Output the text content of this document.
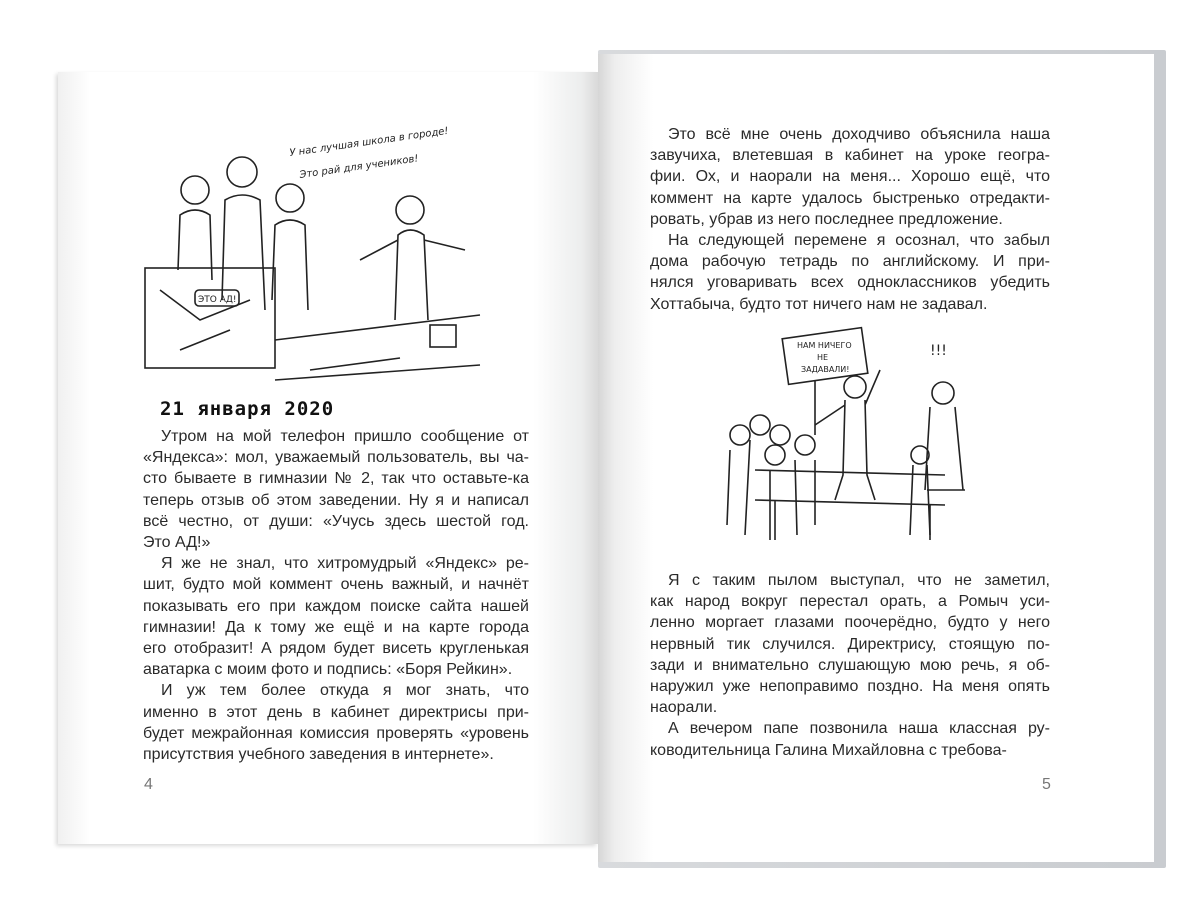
У нас лучшая школа в городе!
Это рай для учеников!
ЭТО АД!
21 января 2020
Утром на мой телефон пришло сообщение от
«Яндекса»: мол, уважаемый пользователь, вы ча-
сто бываете в гимназии № 2, так что оставьте-ка
теперь отзыв об этом заведении. Ну я и написал
всё честно, от души: «Учусь здесь шестой год.
Это АД!»
Я же не знал, что хитромудрый «Яндекс» ре-
шит, будто мой коммент очень важный, и начнёт
показывать его при каждом поиске сайта нашей
гимназии! Да к тому же ещё и на карте города
его отобразит! А рядом будет висеть кругленькая
аватарка с моим фото и подпись: «Боря Рейкин».
И уж тем более откуда я мог знать, что
именно в этот день в кабинет директрисы при-
будет межрайонная комиссия проверять «уровень
присутствия учебного заведения в интернете».
4
Это всё мне очень доходчиво объяснила наша
завучиха, влетевшая в кабинет на уроке геогра-
фии. Ох, и наорали на меня... Хорошо ещё, что
коммент на карте удалось быстренько отредакти-
ровать, убрав из него последнее предложение.
На следующей перемене я осознал, что забыл
дома рабочую тетрадь по английскому. И при-
нялся уговаривать всех одноклассников убедить
Хоттабыча, будто тот ничего нам не задавал.
НАМ НИЧЕГО
НЕ
ЗАДАВАЛИ!
!!!
Я с таким пылом выступал, что не заметил,
как народ вокруг перестал орать, а Ромыч уси-
ленно моргает глазами поочерёдно, будто у него
нервный тик случился. Директрису, стоящую по-
зади и внимательно слушающую мою речь, я об-
наружил уже непоправимо поздно. На меня опять
наорали.
А вечером папе позвонила наша классная ру-
ководительница Галина Михайловна с требова-
5
